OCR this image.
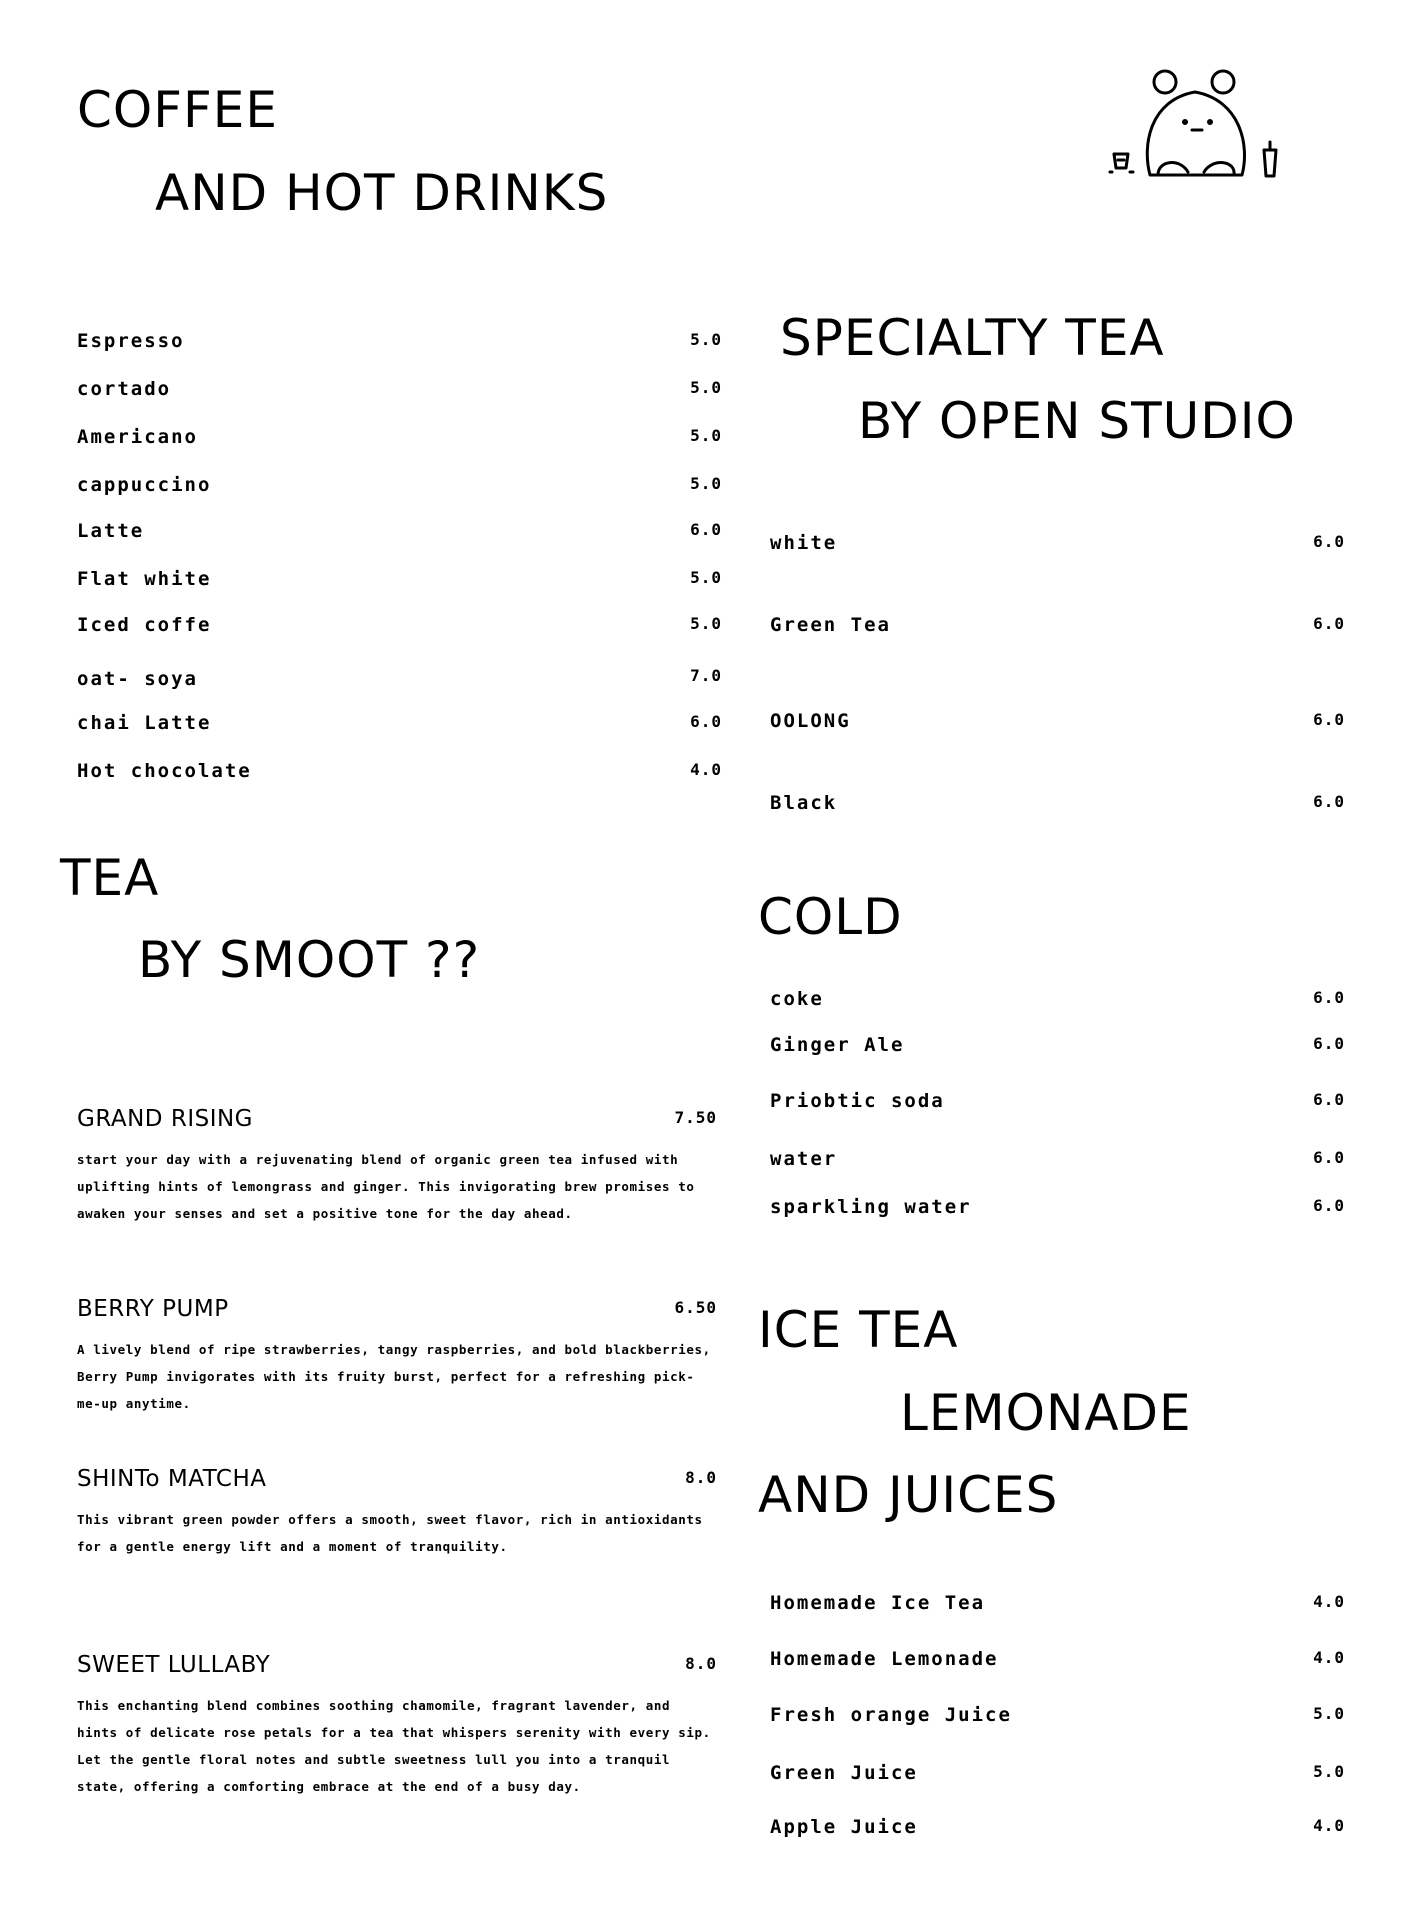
COFFEE
AND HOT DRINKS
Espresso	5.0
cortado	5.0
Americano	5.0
cappuccino	5.0
Latte	6.0
Flat white	5.0
Iced coffe	5.0
oat- soya	7.0
chai Latte	6.0
Hot chocolate	4.0
SPECIALTY TEA
BY OPEN STUDIO
white	6.0
Green Tea	6.0
OOLONG	6.0
Black	6.0
TEA
BY SMOOT ??
GRAND RISING	7.50
start your day with a rejuvenating blend of organic green tea infused with uplifting hints of lemongrass and ginger. This invigorating brew promises to awaken your senses and set a positive tone for the day ahead.
BERRY PUMP	6.50
A lively blend of ripe strawberries, tangy raspberries, and bold blackberries, Berry Pump invigorates with its fruity burst, perfect for a refreshing pick-me-up anytime.
SHINTo MATCHA	8.0
This vibrant green powder offers a smooth, sweet flavor, rich in antioxidants for a gentle energy lift and a moment of tranquility.
SWEET LULLABY	8.0
This enchanting blend combines soothing chamomile, fragrant lavender, and hints of delicate rose petals for a tea that whispers serenity with every sip. Let the gentle floral notes and subtle sweetness lull you into a tranquil state, offering a comforting embrace at the end of a busy day.
COLD
coke	6.0
Ginger Ale	6.0
Priobtic soda	6.0
water	6.0
sparkling water	6.0
ICE TEA
LEMONADE
AND JUICES
Homemade Ice Tea	4.0
Homemade Lemonade	4.0
Fresh orange Juice	5.0
Green Juice	5.0
Apple Juice	4.0
